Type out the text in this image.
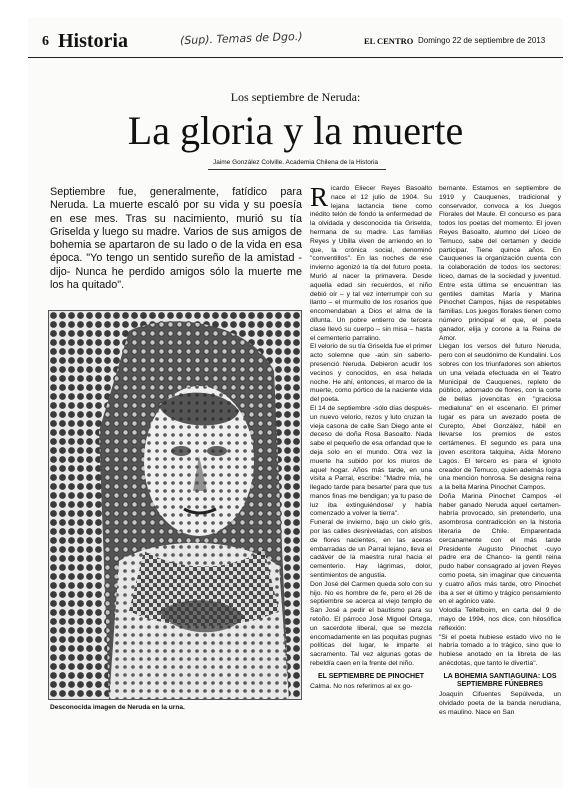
6 Historia	(Sup). Temas de Dgo.)	EL CENTRO Domingo 22 de septiembre de 2013
Los septiembre de Neruda:
La gloria y la muerte
Jaime González Colville. Academia Chilena de la Historia
Septiembre fue, generalmente, fatídico para Neruda. La muerte escaló por su vida y su poesía en ese mes. Tras su nacimiento, murió su tía Griselda y luego su madre. Varios de sus amigos de bohemia se apartaron de su lado o de la vida en esa época. "Yo tengo un sentido sureño de la amistad -dijo- Nunca he perdido amigos sólo la muerte me los ha quitado".
Desconocida imagen de Neruda en la urna.

Ricardo Eliecer Reyes Basoalto nace el 12 julio de 1904. Su lejana lactancia tiene como inédito telón de fondo la enfermedad de la olvidada y desconocida tía Griselda, hermana de su madre. Las familias Reyes y Ubilla viven de arriendo en lo que, la crónica social, denominó "conventillos". En las noches de ese invierno agonizó la tía del futuro poeta. Murió al nacer la primavera. Desde aquella edad sin recuerdos, el niño debió oír – y tal vez interrumpir con su llanto – el murmullo de los rosarios que encomendaban a Dios el alma de la difunta. Un pobre entierro de tercera clase llevó su cuerpo – sin misa – hasta el cementerio parralino.

El velorio de su tía Griselda fue el primer acto solemne que -aún sin saberlo- presenció Neruda. Debieron acudir los vecinos y conocidos, en esa helada noche. He ahí, entonces, el marco de la muerte, como pórtico de la naciente vida del poeta.

El 14 de septiembre -sólo días después- un nuevo velorio, rezos y luto cruzan la vieja casona de calle San Diego ante el deceso de doña Rosa Basoalto. Nada sabe el pequeño de esa orfandad que le deja solo en el mundo. Otra vez la muerte ha subido por los muros de aquel hogar. Años más tarde, en una visita a Parral, escribe: "Madre mía, he llegado tarde para besarte/ para que tus manos finas me bendigan; ya tu paso de luz iba extinguiéndose/ y había comenzado a volver la tierra".

Funeral de invierno, bajo un cielo gris, por las calles desniveladas, con atisbos de flores nacientes, en las aceras embarradas de un Parral lejano, lleva el cadáver de la maestra rural hacia el cementerio. Hay lágrimas, dolor, sentimientos de angustia.

Don José del Carmen queda solo con su hijo. No es hombre de fe, pero el 26 de septiembre se acerca al viejo templo de San José a pedir el bautismo para su retoño. El párroco José Miguel Ortega, un sacerdote liberal, que se mezcla encomadamente en las poquitas pugnas políticas del lugar, le imparte el sacramento. Tal vez algunas gotas de rebeldía caen en la frente del niño.

EL SEPTIEMBRE DE PINOCHET

Calma. No nos referimos al ex go-

bernante. Estamos en septiembre de 1919 y Cauquenes, tradicional y conservador, convoca a los Juegos Florales del Maule. El concurso es para todos los poetas del momento. El joven Reyes Basoalto, alumno del Liceo de Temuco, sabe del certamen y decide participar. Tiene quince años. En Cauquenes la organización cuenta con la colaboración de todos los sectores: liceo, damas de la sociedad y juventud. Entre esta última se encuentran las gentiles damitas María y Marina Pinochet Campos, hijas de respetables familias. Los juegos florales tienen como número principal el que, el poeta ganador, elija y corone a la Reina de Amor.

Llegan los versos del futuro Neruda, pero con el seudónimo de Kundalini. Los sobres con los triunfadores son abiertos un una velada efectuada en el Teatro Municipal de Cauquenes, repleto de público, adornado de flores, con la corte de bellas jovencitas en "graciosa medialuna" en el escenario. El primer lugar es para un avezado poeta de Curepto, Abel González, hábil en llevarse los premios de estos certámenes. El segundo es para una joven escritora talquina, Aída Moreno Lagos. El tercero es para el ignoto creador de Temuco, quien además logra una mención honrosa. Se designa reina a la bella Marina Pinochet Campos.

Doña Marina Pinochet Campos -el haber ganado Neruda aquel certamen- habría provocado, sin pretenderlo, una asombrosa contradicción en la historia literaria de Chile. Emparentada cercanamente con el más tarde Presidente Augusto Pinochet -cuyo padre era de Chanco- la gentil reina pudo haber consagrado al joven Reyes como poeta, sin imaginar que cincuenta y cuatro años más tarde, otro Pinochet iba a ser el último y trágico pensamiento en el agónico vate.

Volodia Teitelboim, en carta del 9 de mayo de 1994, nos dice, con hilosófica reflexión:

"Si el poeta hubiese estado vivo no le habría tomado a lo trágico, sino que lo hubiese anotado en la libreta de las anécdotas, que tanto le divertía".

LA BOHEMIA SANTIAGUINA: LOS SEPTIEMBRE FÚNEBRES

Joaquín Cifuentes Sepúlveda, un olvidado poeta de la banda nerudiana, es maulino. Nace en San
